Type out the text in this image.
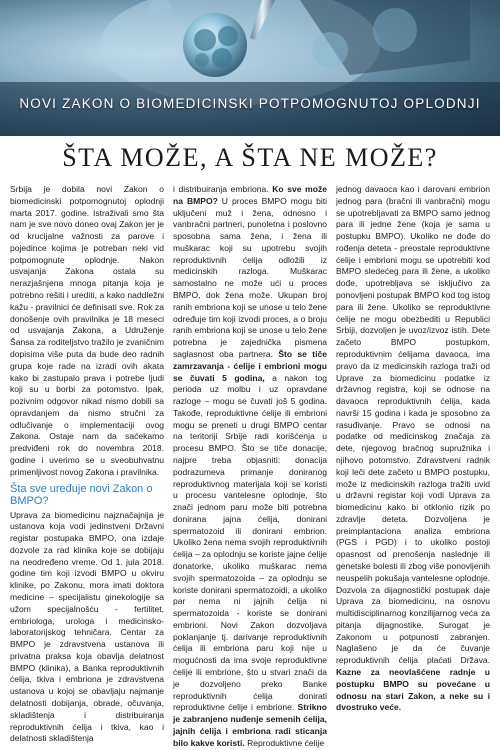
NOVI ZAKON O BIOMEDICINSKI POTPOMOGNUTOJ OPLODNJI
ŠTA MOŽE, A ŠTA NE MOŽE?

Srbija je dobila novi Zakon o biomedicinski potpomognutoj oplodnji marta 2017. godine. Istraživali smo šta nam je sve novo doneo ovaj Zakon jer je od krucijalne važnosti za parove i pojedince kojima je potreban neki vid potpomognute oplodnje. Nakon usvajanja Zakona ostala su nerazjašnjena mnoga pitanja koja je potrebno rešiti i urediti, a kako naddležni kažu - pravilnici će definisati sve. Rok za donošenje ovih pravilnika je 18 meseci od usvajanja Zakona, a Udruženje Šansa za roditeljstvo tražilo je zvaničnim dopisima više puta da bude deo radnih grupa koje rade na izradi ovih akata kako bi zastupalo prava i potrebe ljudi koji su u borbi za potomstvo. Ipak, pozivnim odgovor nikad nismo dobili sa opravdanjem da nismo stručni za odlučivanje o implementaciji ovog Zakona. Ostaje nam da saćekamo predviđeni rok do novembra 2018. godine i uverimo se u sveobuhvatnu primenljivost novog Zakona i pravilnika.

Šta sve uređuje novi Zakon o BMPO?

Uprava za biomedicinu najznačajnija je ustanova koja vodi jedinstveni Državni registar postupaka BMPO, ona izdaje dozvole za rad klinika koje se dobijaju na neodređeno vreme. Od 1. jula 2018. godine tim koji izvodi BMPO u okviru klinike, po Zakonu, mora imati doktora medicine – specijalistu ginekologije sa užom specijalnošću - fertilitet, embriologa, urologa i medicinsko-laboratorijskog tehničara. Centar za BMPO je zdravstvena ustanova ili privatna praksa koja obavlja delatnost BMPO (klinika), a Banka reproduktivnih ćelija, tkiva i embriona je zdravstvena ustanova u kojoj se obavljaju najmanje delatnosti dobijanja, obrade, očuvanja, skladištenja i distribuiranja reproduktivnih ćelija i tkiva, kao i delatnosti skladištenja

i distribuiranja embriona. Ko sve može na BMPO? U proces BMPO mogu biti uključeni muž i žena, odnosno i vanbračni partneri, punoletna i poslovno sposobna sama žena, i žena ili muškarac koji su upotrebu svojih reproduktivnih ćelija odložili iz medicinskih razloga. Muškarac samostalno ne može ući u proces BMPO, dok žena može. Ukupan broj ranih embriona koji se unose u telo žene određuje tim koji izvodi proces, a o broju ranih embriona koji se unose u telo žene potrebna je zajednička pismena saglasnost oba partnera. Što se tiče zamrzavanja - ćelije i embrioni mogu se čuvati 5 godina, a nakon tog perioda uz molbu i uz opravdane razloge – mogu se čuvati još 5 godina. Takođe, reproduktivne ćelije ili embrioni mogu se preneti u drugi BMPO centar na teritoriji Srbije radi korišćenja u procesu BMPO. Što se tiče donacije, najpre treba objasniti: donacija podrazumeva primanje doniranog reproduktivnog materijala koji se koristi u procesu vantelesne oplodnje, što znači jednom paru može biti potrebna donirana jajna ćelija, donirani spermatozoid ili donirani embrion. Ukoliko žena nema svojih reproduktivnih ćelija – za oplodnju se koriste jajne ćelije donatorke, ukoliko muškarac nema svojih spermatozoida – za oplodnju se koriste donirani spermatozoidi, a ukoliko par nema ni jajnih ćelija ni spermatozoida - koriste se donirani embrioni. Novi Zakon dozvoljava poklanjanje tj. darivanje reproduktivnih ćelija ili embriona paru koji nije u mogućnosti da ima svoje reproduktivne ćelije ili embrione, što u stvari znači da je dozvoljeno preko Banke reproduktivnih ćelija donirati reproduktivne ćelije i embrione. Strikno je zabranjeno nuđenje semenih ćelija, jajnih ćelija i embriona radi sticanja bilo kakve koristi. Reproduktivne ćelije

jednog davaoca kao i darovani embrion jednog para (bračni ili vanbračni) mogu se upotrebljavati za BMPO samo jednog para ili jedne žene (koja je sama u postupku BMPO). Ukoliko ne dođe do rođenja deteta - preostale reproduktivne ćelije i embrioni mogu se upotrebiti kod BMPO sledećeg para ili žene, a ukoliko dođe, upotrebljava se isključivo za ponovljeni postupak BMPO kod tog istog para ili žene. Ukoliko se reproduktivne ćelije ne mogu obezbediti u Republici Srbiji, dozvoljen je uvoz/izvoz istih. Dete začeto BMPO postupkom, reproduktivnim ćelijama davaoca, ima pravo da iz medicinskih razloga traži od Uprave za biomedicinu podatke iz državnog registra, koji se odnose na davaoca reproduktivnih ćelija, kada navrši 15 godina i kada je sposobno za rasuđivanje. Pravo se odnosi na podatke od medicinskog značaja za dete, njegovog bračnog supružnika i njihovo potomstvo. Zdravstveni radnik koji leči dete začeto u BMPO postupku, može iz medicinskih razloga tražiti uvid u državni registar koji vodi Uprava za biomedicinu kako bi otklonio rizik po zdravlje deteta. Dozvoljena je preimplantaciona analiza embriona (PGS i PGD) i to ukoliko postoji opasnost od prenošenja naslednje ili genetske bolesti ili zbog više ponovljenih neuspelih pokušaja vantelesne oplodnje. Dozvola za dijagnostički postupak daje Uprava za biomedicinu, na osnovu multidisciplinarnog konzilijarnog veća za pitanja dijagnostike. Surogat je Zakonom u potpunosti zabranjen. Naglašeno je da će čuvanje reproduktivnih ćelija plaćati Država. Kazne za neovlašćene radnje u postupku BMPO su povećane u odnosu na stari Zakon, a neke su i dvostruko veće.
